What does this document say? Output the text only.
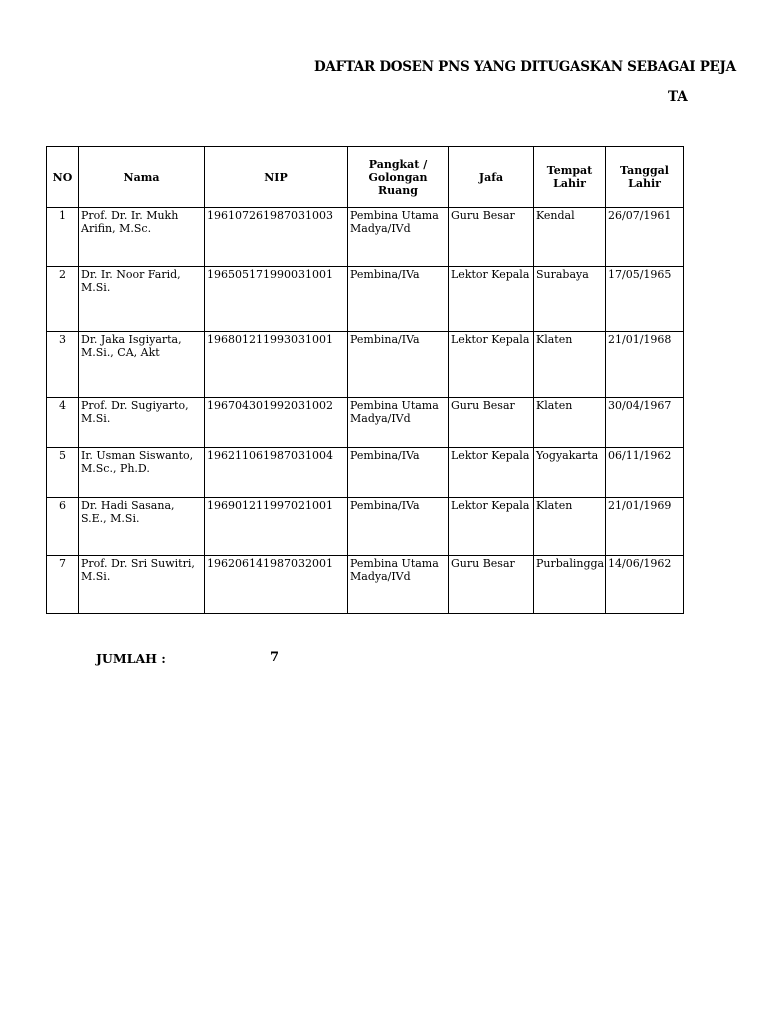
DAFTAR DOSEN PNS YANG DITUGASKAN SEBAGAI PEJA
TA
NO	Nama	NIP	Pangkat / Golongan Ruang	Jafa	Tempat Lahir	Tanggal Lahir
1	Prof. Dr. Ir. Mukh Arifin, M.Sc.	196107261987031003	Pembina Utama Madya/IVd	Guru Besar	Kendal	26/07/1961
2	Dr. Ir. Noor Farid, M.Si.	196505171990031001	Pembina/IVa	Lektor Kepala	Surabaya	17/05/1965
3	Dr. Jaka Isgiyarta, M.Si., CA, Akt	196801211993031001	Pembina/IVa	Lektor Kepala	Klaten	21/01/1968
4	Prof. Dr. Sugiyarto, M.Si.	196704301992031002	Pembina Utama Madya/IVd	Guru Besar	Klaten	30/04/1967
5	Ir. Usman Siswanto, M.Sc., Ph.D.	196211061987031004	Pembina/IVa	Lektor Kepala	Yogyakarta	06/11/1962
6	Dr. Hadi Sasana, S.E., M.Si.	196901211997021001	Pembina/IVa	Lektor Kepala	Klaten	21/01/1969
7	Prof. Dr. Sri Suwitri, M.Si.	196206141987032001	Pembina Utama Madya/IVd	Guru Besar	Purbalingga	14/06/1962
JUMLAH :	7
